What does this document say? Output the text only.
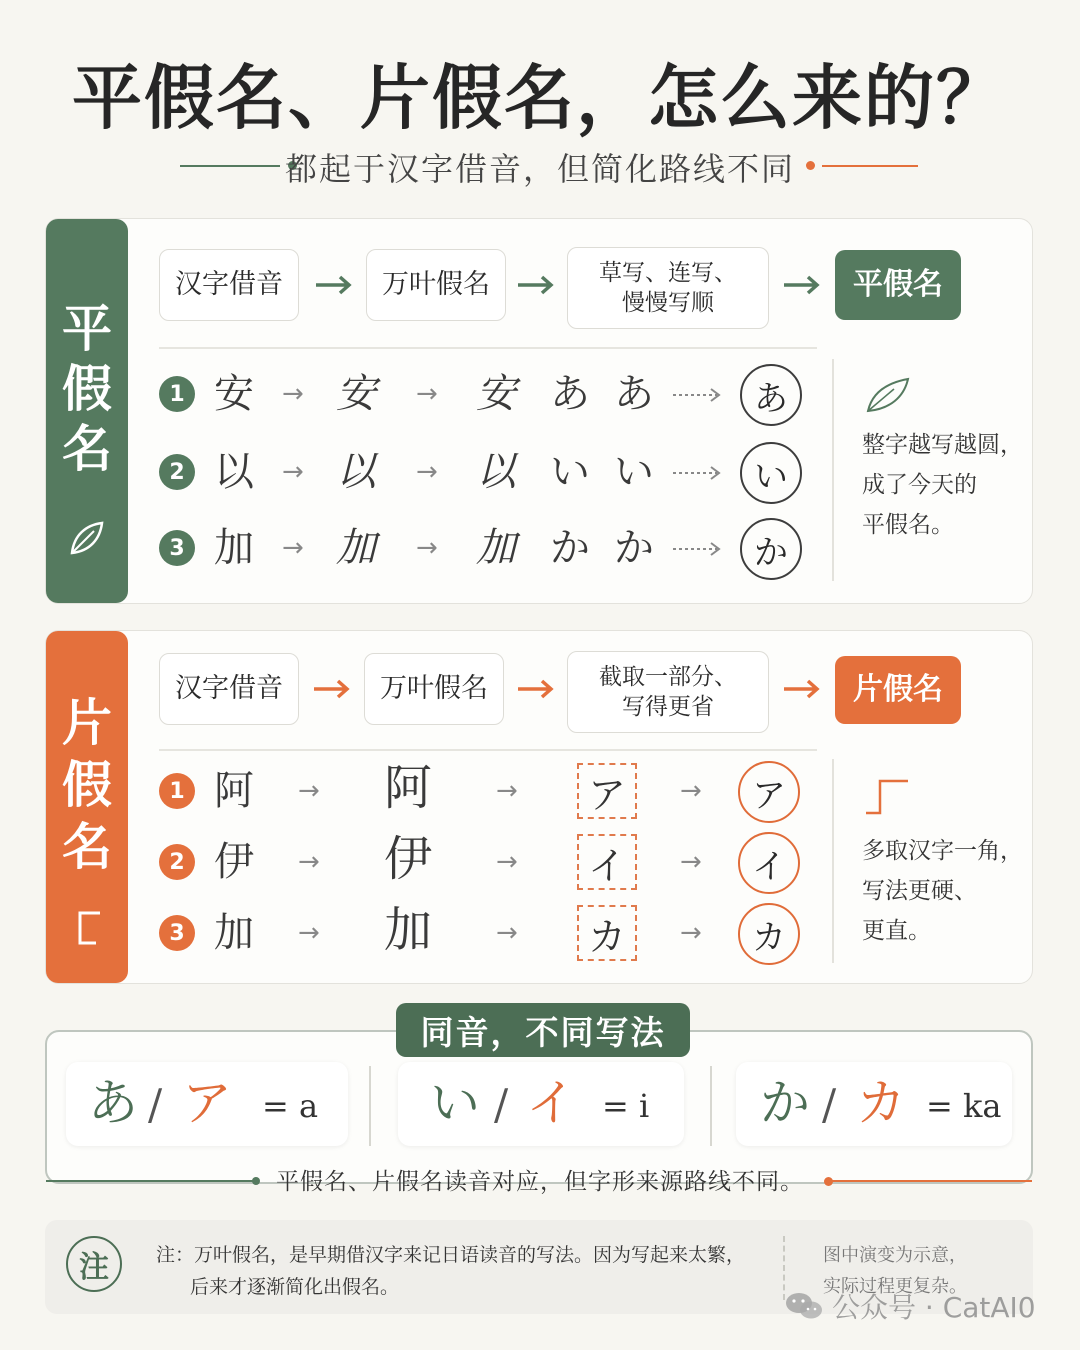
平假名、片假名，怎么来的？
都起于汉字借音，但简化路线不同
平
假
名
汉字借音	万叶假名	草写、连写、
慢慢写顺
平假名
1 安 → 安 → 安 あ あ	あ
2 以 → 以 → 以 い い	い
3 加 → 加 → 加 か か	か
整字越写越圆，
成了今天的
平假名。
片
假
名
汉字借音	万叶假名	截取一部分、
写得更省	片假名
1 阿 → 阿 → ア	→	ア
2 伊 → 伊 → イ	→	イ
3 加 → 加 → カ	→	カ
多取汉字一角，
写法更硬、
更直。
同音，不同写法
あ / ア = a い / イ = i か / カ = ka
平假名、片假名读音对应，但字形来源路线不同。
注	注：万叶假名，是早期借汉字来记日语读音的写法。因为写起来太繁，
后来才逐渐简化出假名。
图中演变为示意，
实际过程更复杂。
公众号 · CatAI0
